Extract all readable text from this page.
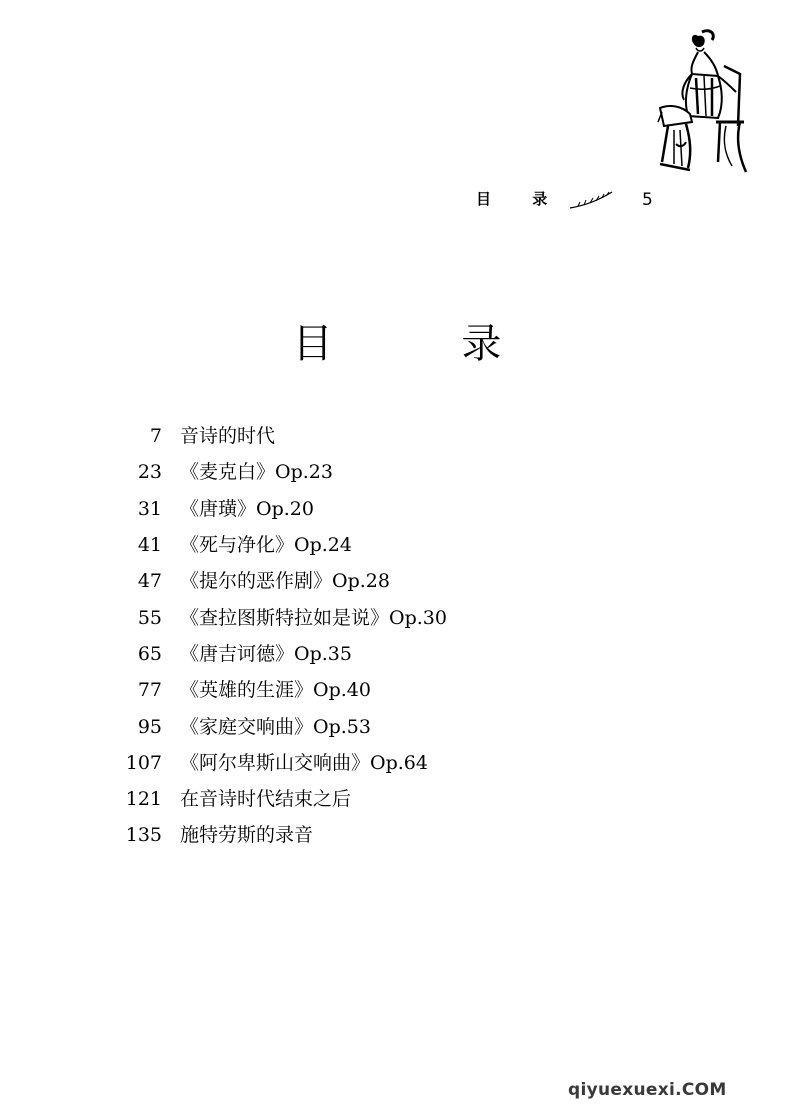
目 录	5
目 录
7 音诗的时代
23 《麦克白》Op.23
31 《唐璜》Op.20
41 《死与净化》Op.24
47 《提尔的恶作剧》Op.28
55 《查拉图斯特拉如是说》Op.30
65 《唐吉诃德》Op.35
77 《英雄的生涯》Op.40
95 《家庭交响曲》Op.53
107 《阿尔卑斯山交响曲》Op.64
121 在音诗时代结束之后
135 施特劳斯的录音
qiyuexuexi.COM
